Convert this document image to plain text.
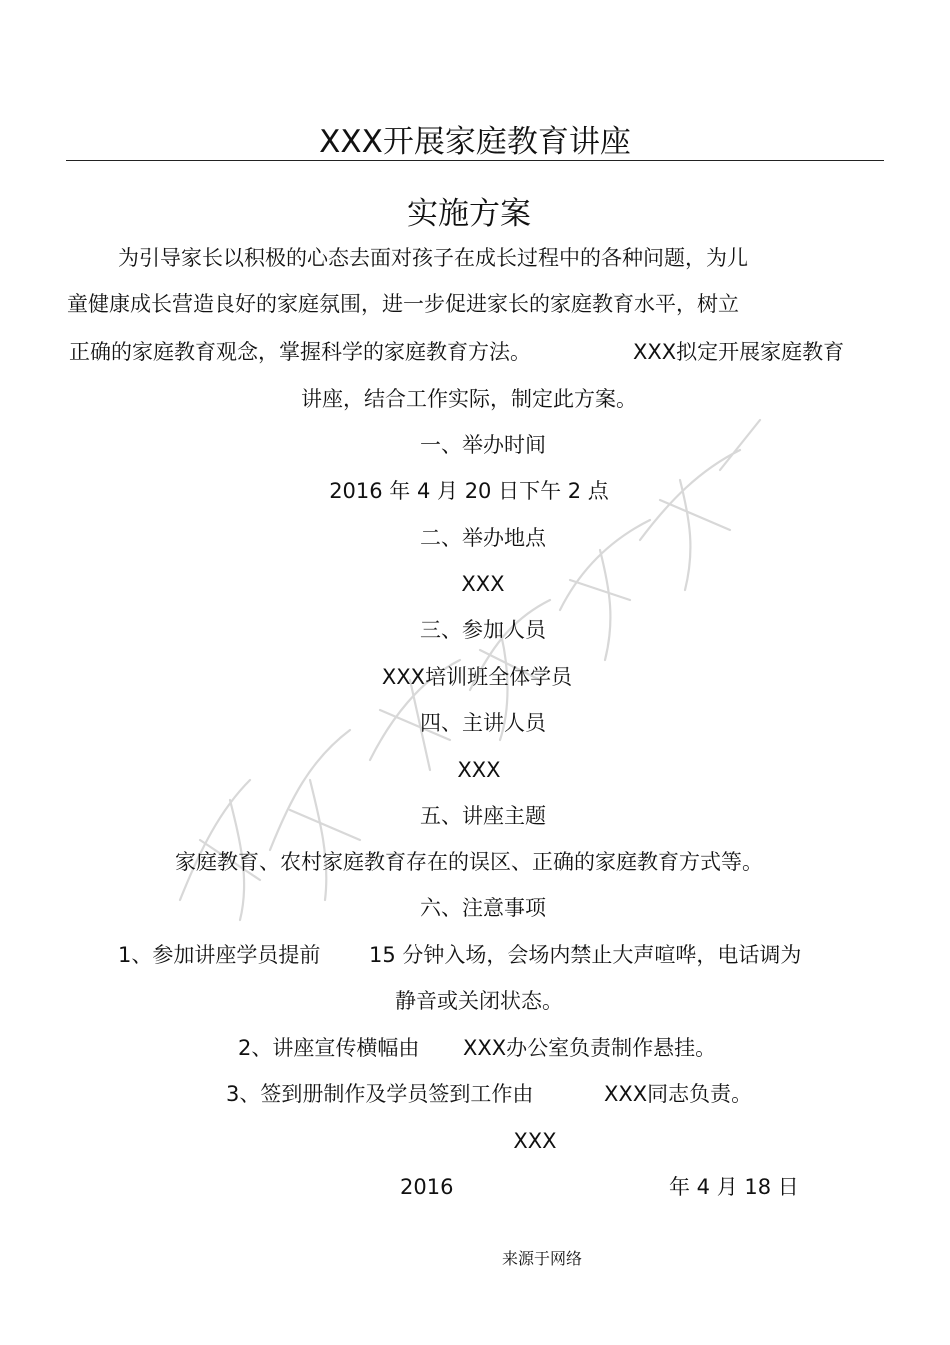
XXX开展家庭教育讲座
实施方案
为引导家长以积极的心态去面对孩子在成长过程中的各种问题，为儿
童健康成长营造良好的家庭氛围，进一步促进家长的家庭教育水平，树立
正确的家庭教育观念，掌握科学的家庭教育方法。	XXX拟定开展家庭教育
讲座，结合工作实际，制定此方案。
一、举办时间
2016 年 4 月 20 日下午 2 点
二、举办地点
XXX
三、参加人员
XXX培训班全体学员
四、主讲人员
XXX
五、讲座主题
家庭教育、农村家庭教育存在的误区、正确的家庭教育方式等。
六、注意事项
1、参加讲座学员提前 15 分钟入场，会场内禁止大声喧哗，电话调为
静音或关闭状态。
2、讲座宣传横幅由 XXX办公室负责制作悬挂。
3、签到册制作及学员签到工作由	XXX同志负责。
XXX
2016	年 4 月 18 日
来源于网络
